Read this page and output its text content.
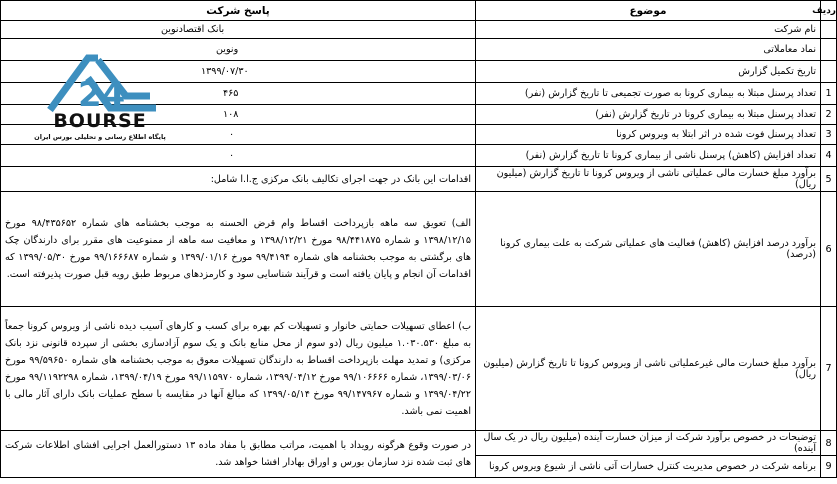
ردیف	موضوع	پاسخ شرکت
	نام شرکت	بانک اقتصادنوین
	نماد معاملاتی	ونوین
	تاریخ تکمیل گزارش	۱۳۹۹/۰۷/۳۰
1	تعداد پرسنل مبتلا به بیماری کرونا به صورت تجمیعی تا تاریخ گزارش (نفر)	۴۶۵
2	تعداد پرسنل مبتلا به بیماری کرونا در تاریخ گزارش (نفر)	۱۰۸
3	تعداد پرسنل فوت شده در اثر ابتلا به ویروس کرونا	۰
4	تعداد افزایش (کاهش) پرسنل ناشی از بیماری کرونا تا تاریخ گزارش (نفر)	۰
5	برآورد مبلغ خسارت مالی عملیاتی ناشی از ویروس کرونا تا تاریخ گزارش (میلیون ریال)	اقدامات این بانک در جهت اجرای تکالیف بانک مرکزی ج.ا.ا شامل:
6	برآورد درصد افزایش (کاهش) فعالیت های عملیاتی شرکت به علت بیماری کرونا (درصد)	الف) تعویق سه ماهه بازپرداخت اقساط وام قرض الحسنه به موجب بخشنامه های شماره ۹۸/۴۳۵۶۵۲ مورخ ۱۳۹۸/۱۲/۱۵ و شماره ۹۸/۴۴۱۸۷۵ مورخ ۱۳۹۸/۱۲/۲۱ و معافیت سه ماهه از ممنوعیت های مقرر برای دارندگان چک های برگشتی به موجب بخشنامه های شماره ۹۹/۴۱۹۴ مورخ ۱۳۹۹/۰۱/۱۶ و شماره ۹۹/۱۶۶۶۸۷ مورخ ۱۳۹۹/۰۵/۳۰ که اقدامات آن انجام و پایان یافته است و قرآیند شناسایی سود و کارمزدهای مربوط طبق رویه قبل صورت پذیرفته است.

7	برآورد مبلغ خسارت مالی غیرعملیاتی ناشی از ویروس کرونا تا تاریخ گزارش (میلیون ریال)	ب) اعطای تسهیلات حمایتی خانوار و تسهیلات کم بهره برای کسب و کارهای آسیب دیده ناشی از ویروس کرونا جمعاً به مبلغ ۱.۰۳۰.۵۳۰ میلیون ریال (دو سوم از محل منابع بانک و یک سوم آزادسازی بخشی از سپرده قانونی نزد بانک مرکزی) و تمدید مهلت بازپرداخت اقساط به دارندگان تسهیلات معوق به موجب بخشنامه های شماره ۹۹/۵۹۶۵۰ مورخ ۱۳۹۹/۰۳/۰۶، شماره ۹۹/۱۰۶۶۶۶ مورخ ۱۳۹۹/۰۴/۱۲، شماره ۹۹/۱۱۵۹۷۰ مورخ ۱۳۹۹/۰۴/۱۹، شماره ۹۹/۱۱۹۲۲۹۸ مورخ ۱۳۹۹/۰۴/۲۲ و شماره ۹۹/۱۴۷۹۶۷ مورخ ۱۳۹۹/۰۵/۱۴ که مبالغ آنها در مقایسه با سطح عملیات بانک دارای آثار مالی با اهمیت نمی باشد.

8	توضیحات در خصوص برآورد شرکت از میزان خسارت آینده (میلیون ریال در یک سال آینده)	در صورت وقوع هرگونه رویداد با اهمیت، مراتب مطابق با مفاد ماده ۱۳ دستورالعمل اجرایی افشای اطلاعات شرکت های ثبت شده نزد سازمان بورس و اوراق بهادار افشا خواهد شد.

9	برنامه شرکت در خصوص مدیریت کنترل خسارات آتی ناشی از شیوع ویروس کرونا	
24
BOURSE
پایگاه اطلاع رسانی و تحلیلی بورس ایران
